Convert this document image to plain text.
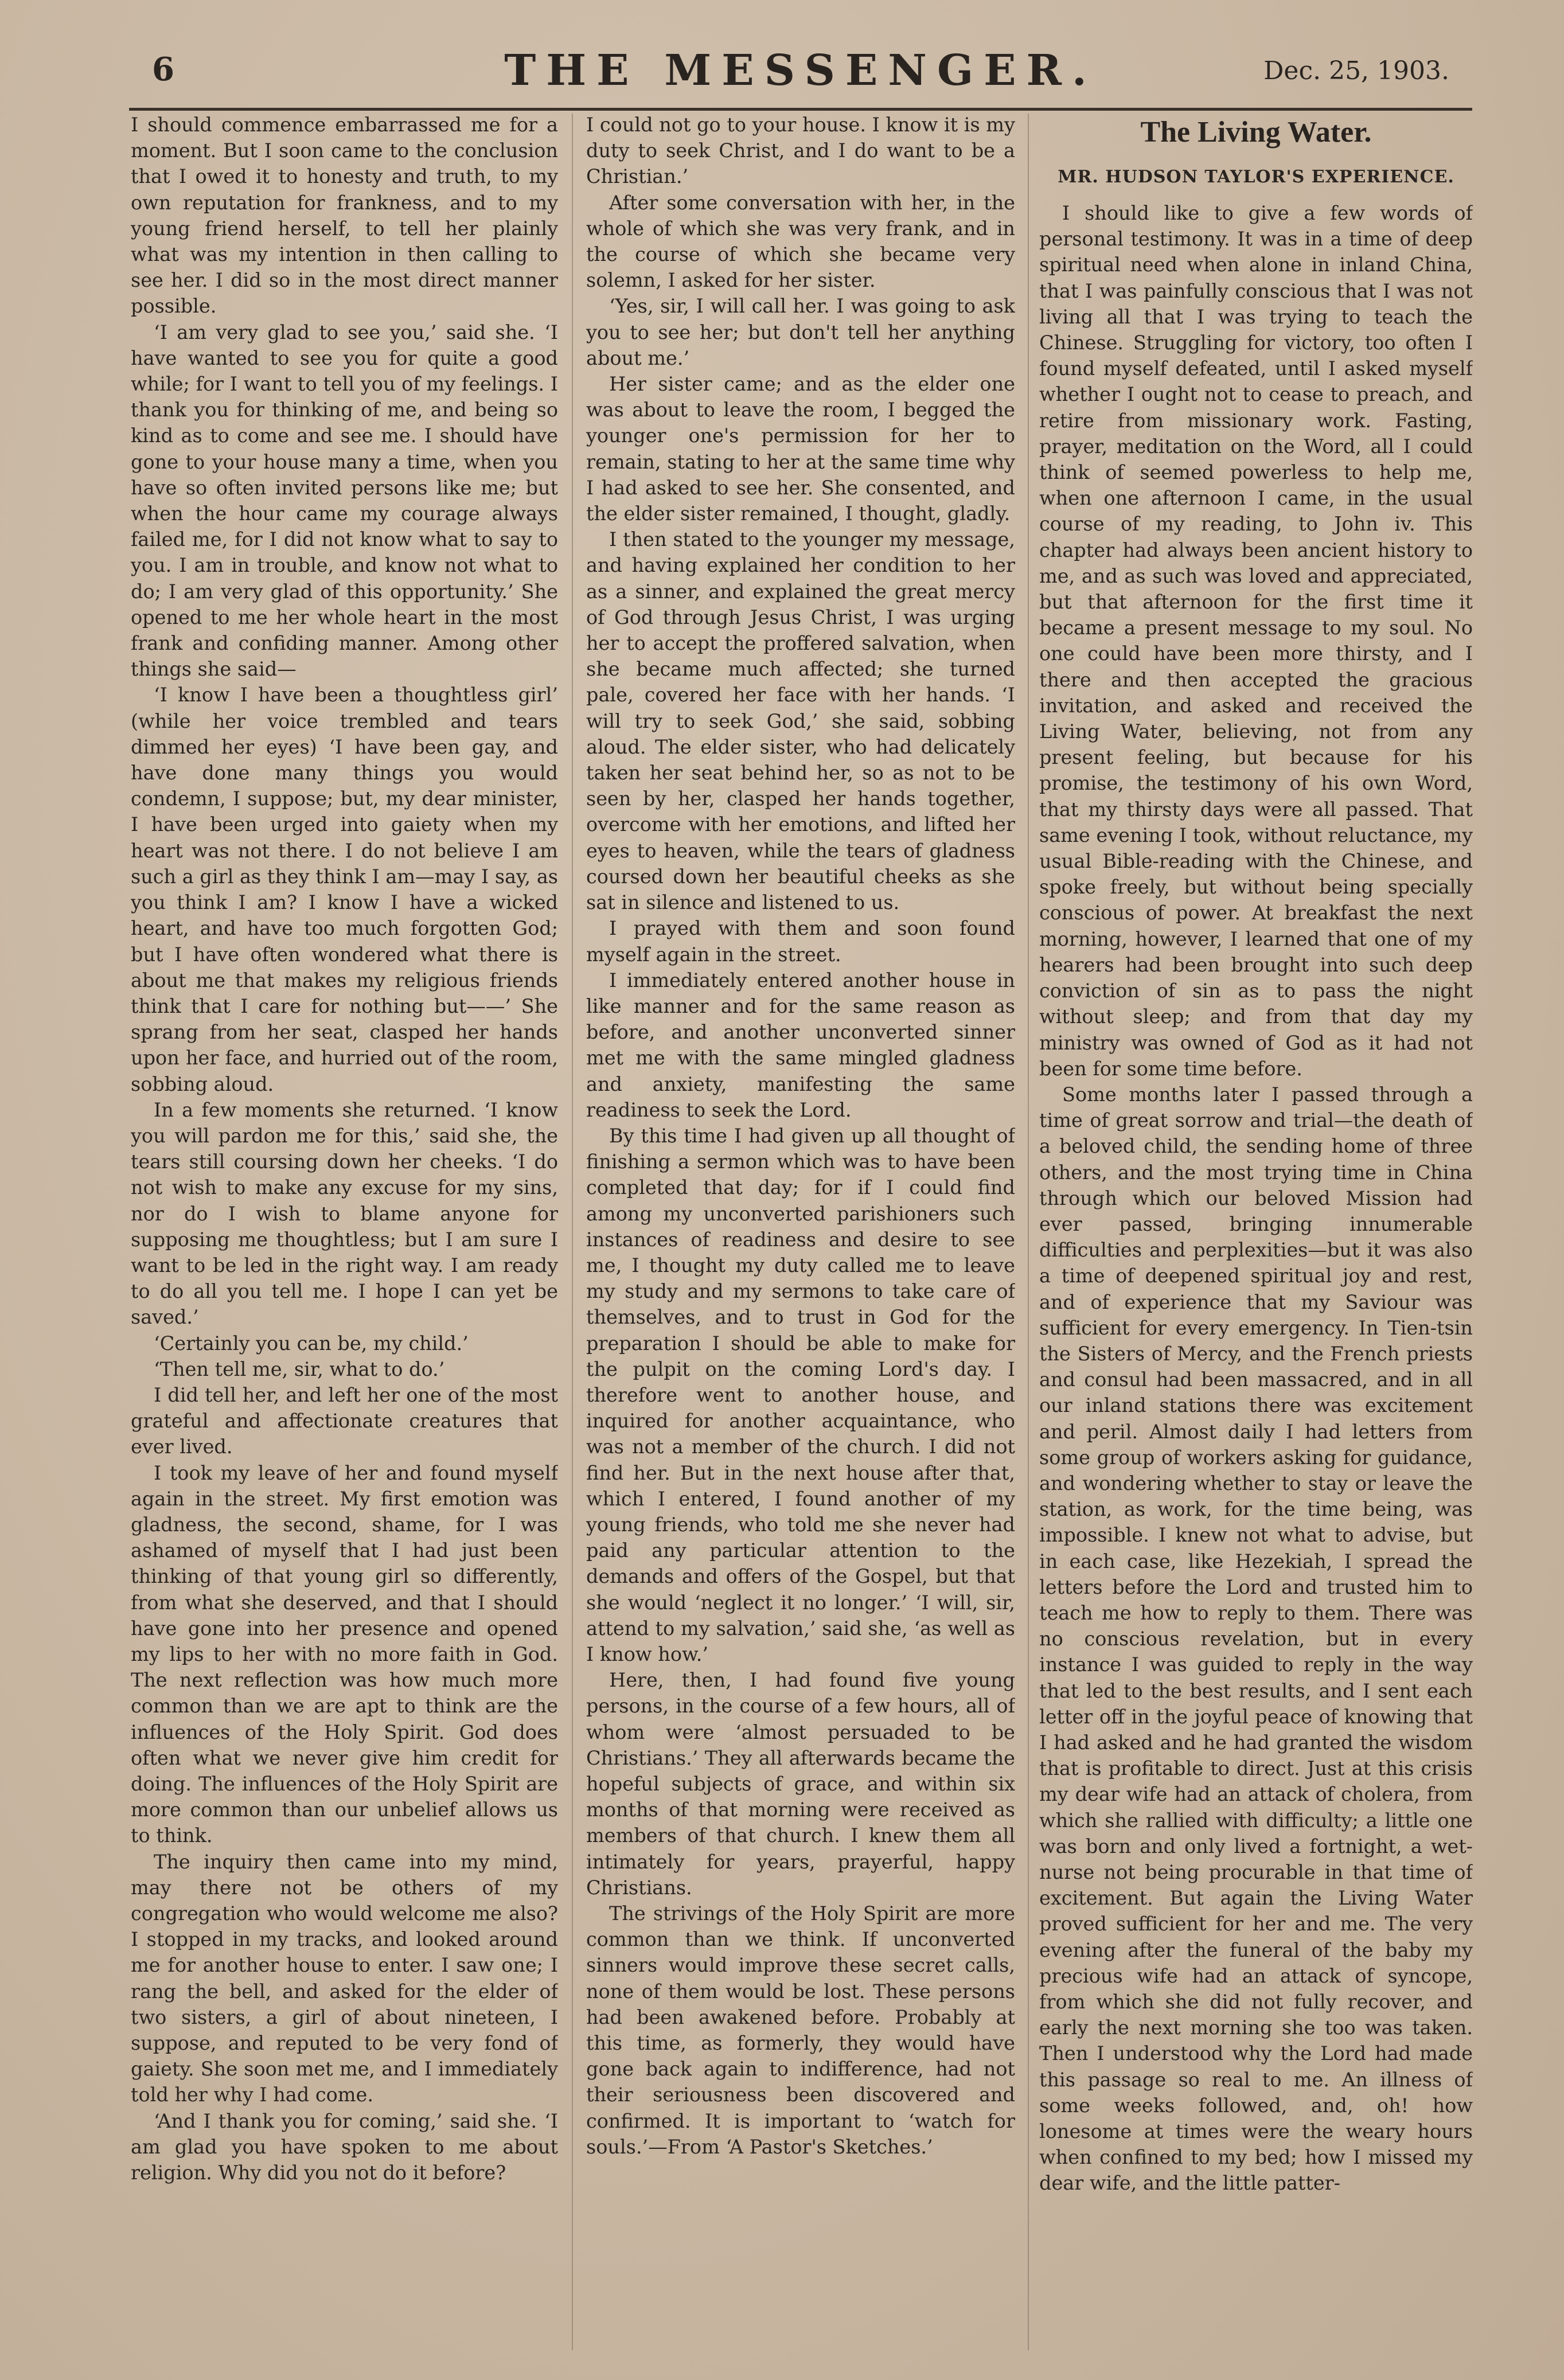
6	THE MESSENGER.	Dec. 25, 1903.

I should commence embarrassed me for a moment. But I soon came to the conclusion that I owed it to honesty and truth, to my own reputation for frankness, and to my young friend herself, to tell her plainly what was my intention in then calling to see her. I did so in the most direct manner possible.

‘I am very glad to see you,’ said she. ‘I have wanted to see you for quite a good while; for I want to tell you of my feelings. I thank you for thinking of me, and being so kind as to come and see me. I should have gone to your house many a time, when you have so often invited persons like me; but when the hour came my courage always failed me, for I did not know what to say to you. I am in trouble, and know not what to do; I am very glad of this opportunity.’ She opened to me her whole heart in the most frank and confiding manner. Among other things she said—

‘I know I have been a thoughtless girl’ (while her voice trembled and tears dimmed her eyes) ‘I have been gay, and have done many things you would condemn, I suppose; but, my dear minister, I have been urged into gaiety when my heart was not there. I do not believe I am such a girl as they think I am—may I say, as you think I am? I know I have a wicked heart, and have too much forgotten God; but I have often wondered what there is about me that makes my religious friends think that I care for nothing but——’ She sprang from her seat, clasped her hands upon her face, and hurried out of the room, sobbing aloud.

In a few moments she returned. ‘I know you will pardon me for this,’ said she, the tears still coursing down her cheeks. ‘I do not wish to make any excuse for my sins, nor do I wish to blame anyone for supposing me thoughtless; but I am sure I want to be led in the right way. I am ready to do all you tell me. I hope I can yet be saved.’

‘Certainly you can be, my child.’

‘Then tell me, sir, what to do.’

I did tell her, and left her one of the most grateful and affectionate creatures that ever lived.

I took my leave of her and found myself again in the street. My first emotion was gladness, the second, shame, for I was ashamed of myself that I had just been thinking of that young girl so differently, from what she deserved, and that I should have gone into her presence and opened my lips to her with no more faith in God. The next reflection was how much more common than we are apt to think are the influences of the Holy Spirit. God does often what we never give him credit for doing. The influences of the Holy Spirit are more common than our unbelief allows us to think.

The inquiry then came into my mind, may there not be others of my congregation who would welcome me also? I stopped in my tracks, and looked around me for another house to enter. I saw one; I rang the bell, and asked for the elder of two sisters, a girl of about nineteen, I suppose, and reputed to be very fond of gaiety. She soon met me, and I immediately told her why I had come.

‘And I thank you for coming,’ said she. ‘I am glad you have spoken to me about religion. Why did you not do it before?

I could not go to your house. I know it is my duty to seek Christ, and I do want to be a Christian.’

After some conversation with her, in the whole of which she was very frank, and in the course of which she became very solemn, I asked for her sister.

‘Yes, sir, I will call her. I was going to ask you to see her; but don't tell her anything about me.’

Her sister came; and as the elder one was about to leave the room, I begged the younger one's permission for her to remain, stating to her at the same time why I had asked to see her. She consented, and the elder sister remained, I thought, gladly.

I then stated to the younger my message, and having explained her condition to her as a sinner, and explained the great mercy of God through Jesus Christ, I was urging her to accept the proffered salvation, when she became much affected; she turned pale, covered her face with her hands. ‘I will try to seek God,’ she said, sobbing aloud. The elder sister, who had delicately taken her seat behind her, so as not to be seen by her, clasped her hands together, overcome with her emotions, and lifted her eyes to heaven, while the tears of gladness coursed down her beautiful cheeks as she sat in silence and listened to us.

I prayed with them and soon found myself again in the street.

I immediately entered another house in like manner and for the same reason as before, and another unconverted sinner met me with the same mingled gladness and anxiety, manifesting the same readiness to seek the Lord.

By this time I had given up all thought of finishing a sermon which was to have been completed that day; for if I could find among my unconverted parishioners such instances of readiness and desire to see me, I thought my duty called me to leave my study and my sermons to take care of themselves, and to trust in God for the preparation I should be able to make for the pulpit on the coming Lord's day. I therefore went to another house, and inquired for another acquaintance, who was not a member of the church. I did not find her. But in the next house after that, which I entered, I found another of my young friends, who told me she never had paid any particular attention to the demands and offers of the Gospel, but that she would ‘neglect it no longer.’ ‘I will, sir, attend to my salvation,’ said she, ‘as well as I know how.’

Here, then, I had found five young persons, in the course of a few hours, all of whom were ‘almost persuaded to be Christians.’ They all afterwards became the hopeful subjects of grace, and within six months of that morning were received as members of that church. I knew them all intimately for years, prayerful, happy Christians.

The strivings of the Holy Spirit are more common than we think. If unconverted sinners would improve these secret calls, none of them would be lost. These persons had been awakened before. Probably at this time, as formerly, they would have gone back again to indifference, had not their seriousness been discovered and confirmed. It is important to ‘watch for souls.’—From ‘A Pastor's Sketches.’

The Living Water.
MR. HUDSON TAYLOR'S EXPERIENCE.

I should like to give a few words of personal testimony. It was in a time of deep spiritual need when alone in inland China, that I was painfully conscious that I was not living all that I was trying to teach the Chinese. Struggling for victory, too often I found myself defeated, until I asked myself whether I ought not to cease to preach, and retire from missionary work. Fasting, prayer, meditation on the Word, all I could think of seemed powerless to help me, when one afternoon I came, in the usual course of my reading, to John iv. This chapter had always been ancient history to me, and as such was loved and appreciated, but that afternoon for the first time it became a present message to my soul. No one could have been more thirsty, and I there and then accepted the gracious invitation, and asked and received the Living Water, believing, not from any present feeling, but because for his promise, the testimony of his own Word, that my thirsty days were all passed. That same evening I took, without reluctance, my usual Bible-reading with the Chinese, and spoke freely, but without being specially conscious of power. At breakfast the next morning, however, I learned that one of my hearers had been brought into such deep conviction of sin as to pass the night without sleep; and from that day my ministry was owned of God as it had not been for some time before.

Some months later I passed through a time of great sorrow and trial—the death of a beloved child, the sending home of three others, and the most trying time in China through which our beloved Mission had ever passed, bringing innumerable difficulties and perplexities—but it was also a time of deepened spiritual joy and rest, and of experience that my Saviour was sufficient for every emergency. In Tien-tsin the Sisters of Mercy, and the French priests and consul had been massacred, and in all our inland stations there was excitement and peril. Almost daily I had letters from some group of workers asking for guidance, and wondering whether to stay or leave the station, as work, for the time being, was impossible. I knew not what to advise, but in each case, like Hezekiah, I spread the letters before the Lord and trusted him to teach me how to reply to them. There was no conscious revelation, but in every instance I was guided to reply in the way that led to the best results, and I sent each letter off in the joyful peace of knowing that I had asked and he had granted the wisdom that is profitable to direct. Just at this crisis my dear wife had an attack of cholera, from which she rallied with difficulty; a little one was born and only lived a fortnight, a wet-nurse not being procurable in that time of excitement. But again the Living Water proved sufficient for her and me. The very evening after the funeral of the baby my precious wife had an attack of syncope, from which she did not fully recover, and early the next morning she too was taken. Then I understood why the Lord had made this passage so real to me. An illness of some weeks followed, and, oh! how lonesome at times were the weary hours when confined to my bed; how I missed my dear wife, and the little patter-
